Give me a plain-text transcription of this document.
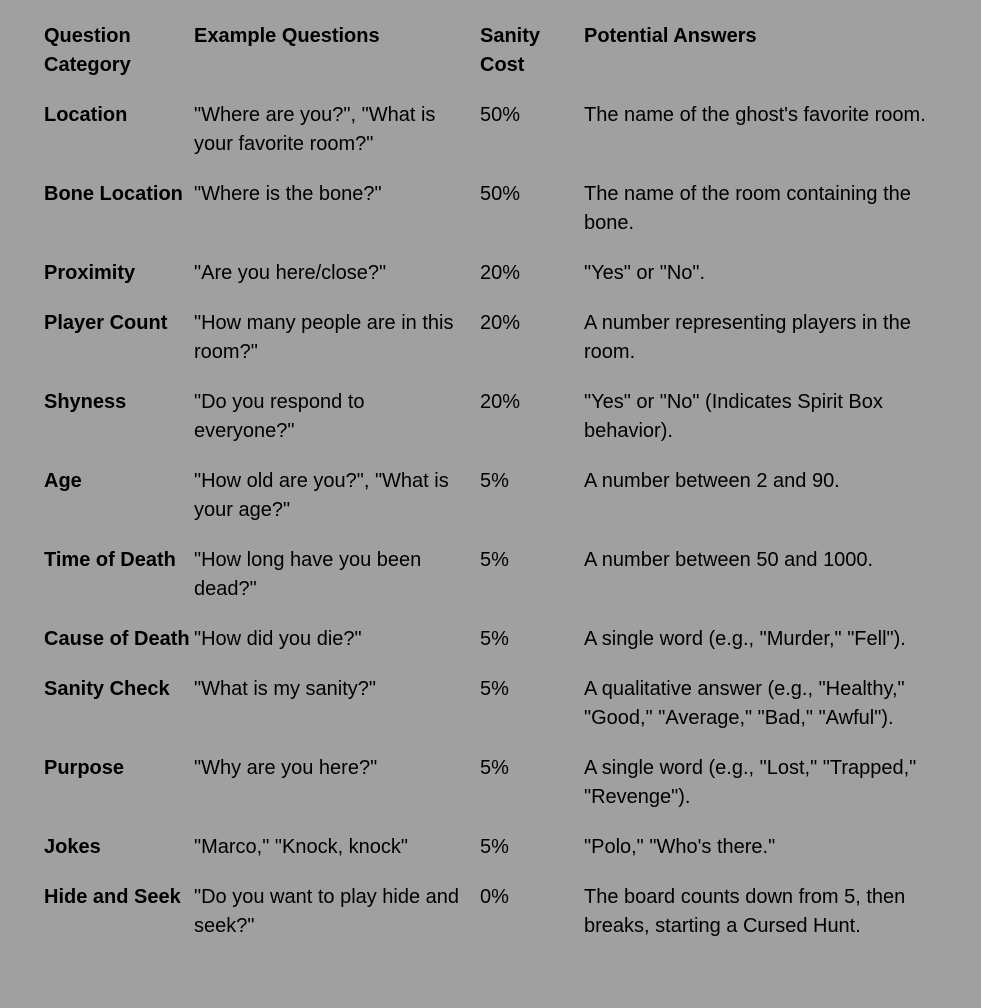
Question Category	Example Questions	Sanity Cost	Potential Answers
Location	"Where are you?", "What is your favorite room?"	50%	The name of the ghost's favorite room.
Bone Location	"Where is the bone?"	50%	The name of the room containing the bone.
Proximity	"Are you here/close?"	20%	"Yes" or "No".
Player Count	"How many people are in this room?"	20%	A number representing players in the room.
Shyness	"Do you respond to everyone?"	20%	"Yes" or "No" (Indicates Spirit Box behavior).
Age	"How old are you?", "What is your age?"	5%	A number between 2 and 90.
Time of Death	"How long have you been dead?"	5%	A number between 50 and 1000.
Cause of Death	"How did you die?"	5%	A single word (e.g., "Murder," "Fell").
Sanity Check	"What is my sanity?"	5%	A qualitative answer (e.g., "Healthy," "Good," "Average," "Bad," "Awful").
Purpose	"Why are you here?"	5%	A single word (e.g., "Lost," "Trapped," "Revenge").
Jokes	"Marco," "Knock, knock"	5%	"Polo," "Who's there."
Hide and Seek	"Do you want to play hide and seek?"	0%	The board counts down from 5, then breaks, starting a Cursed Hunt.
